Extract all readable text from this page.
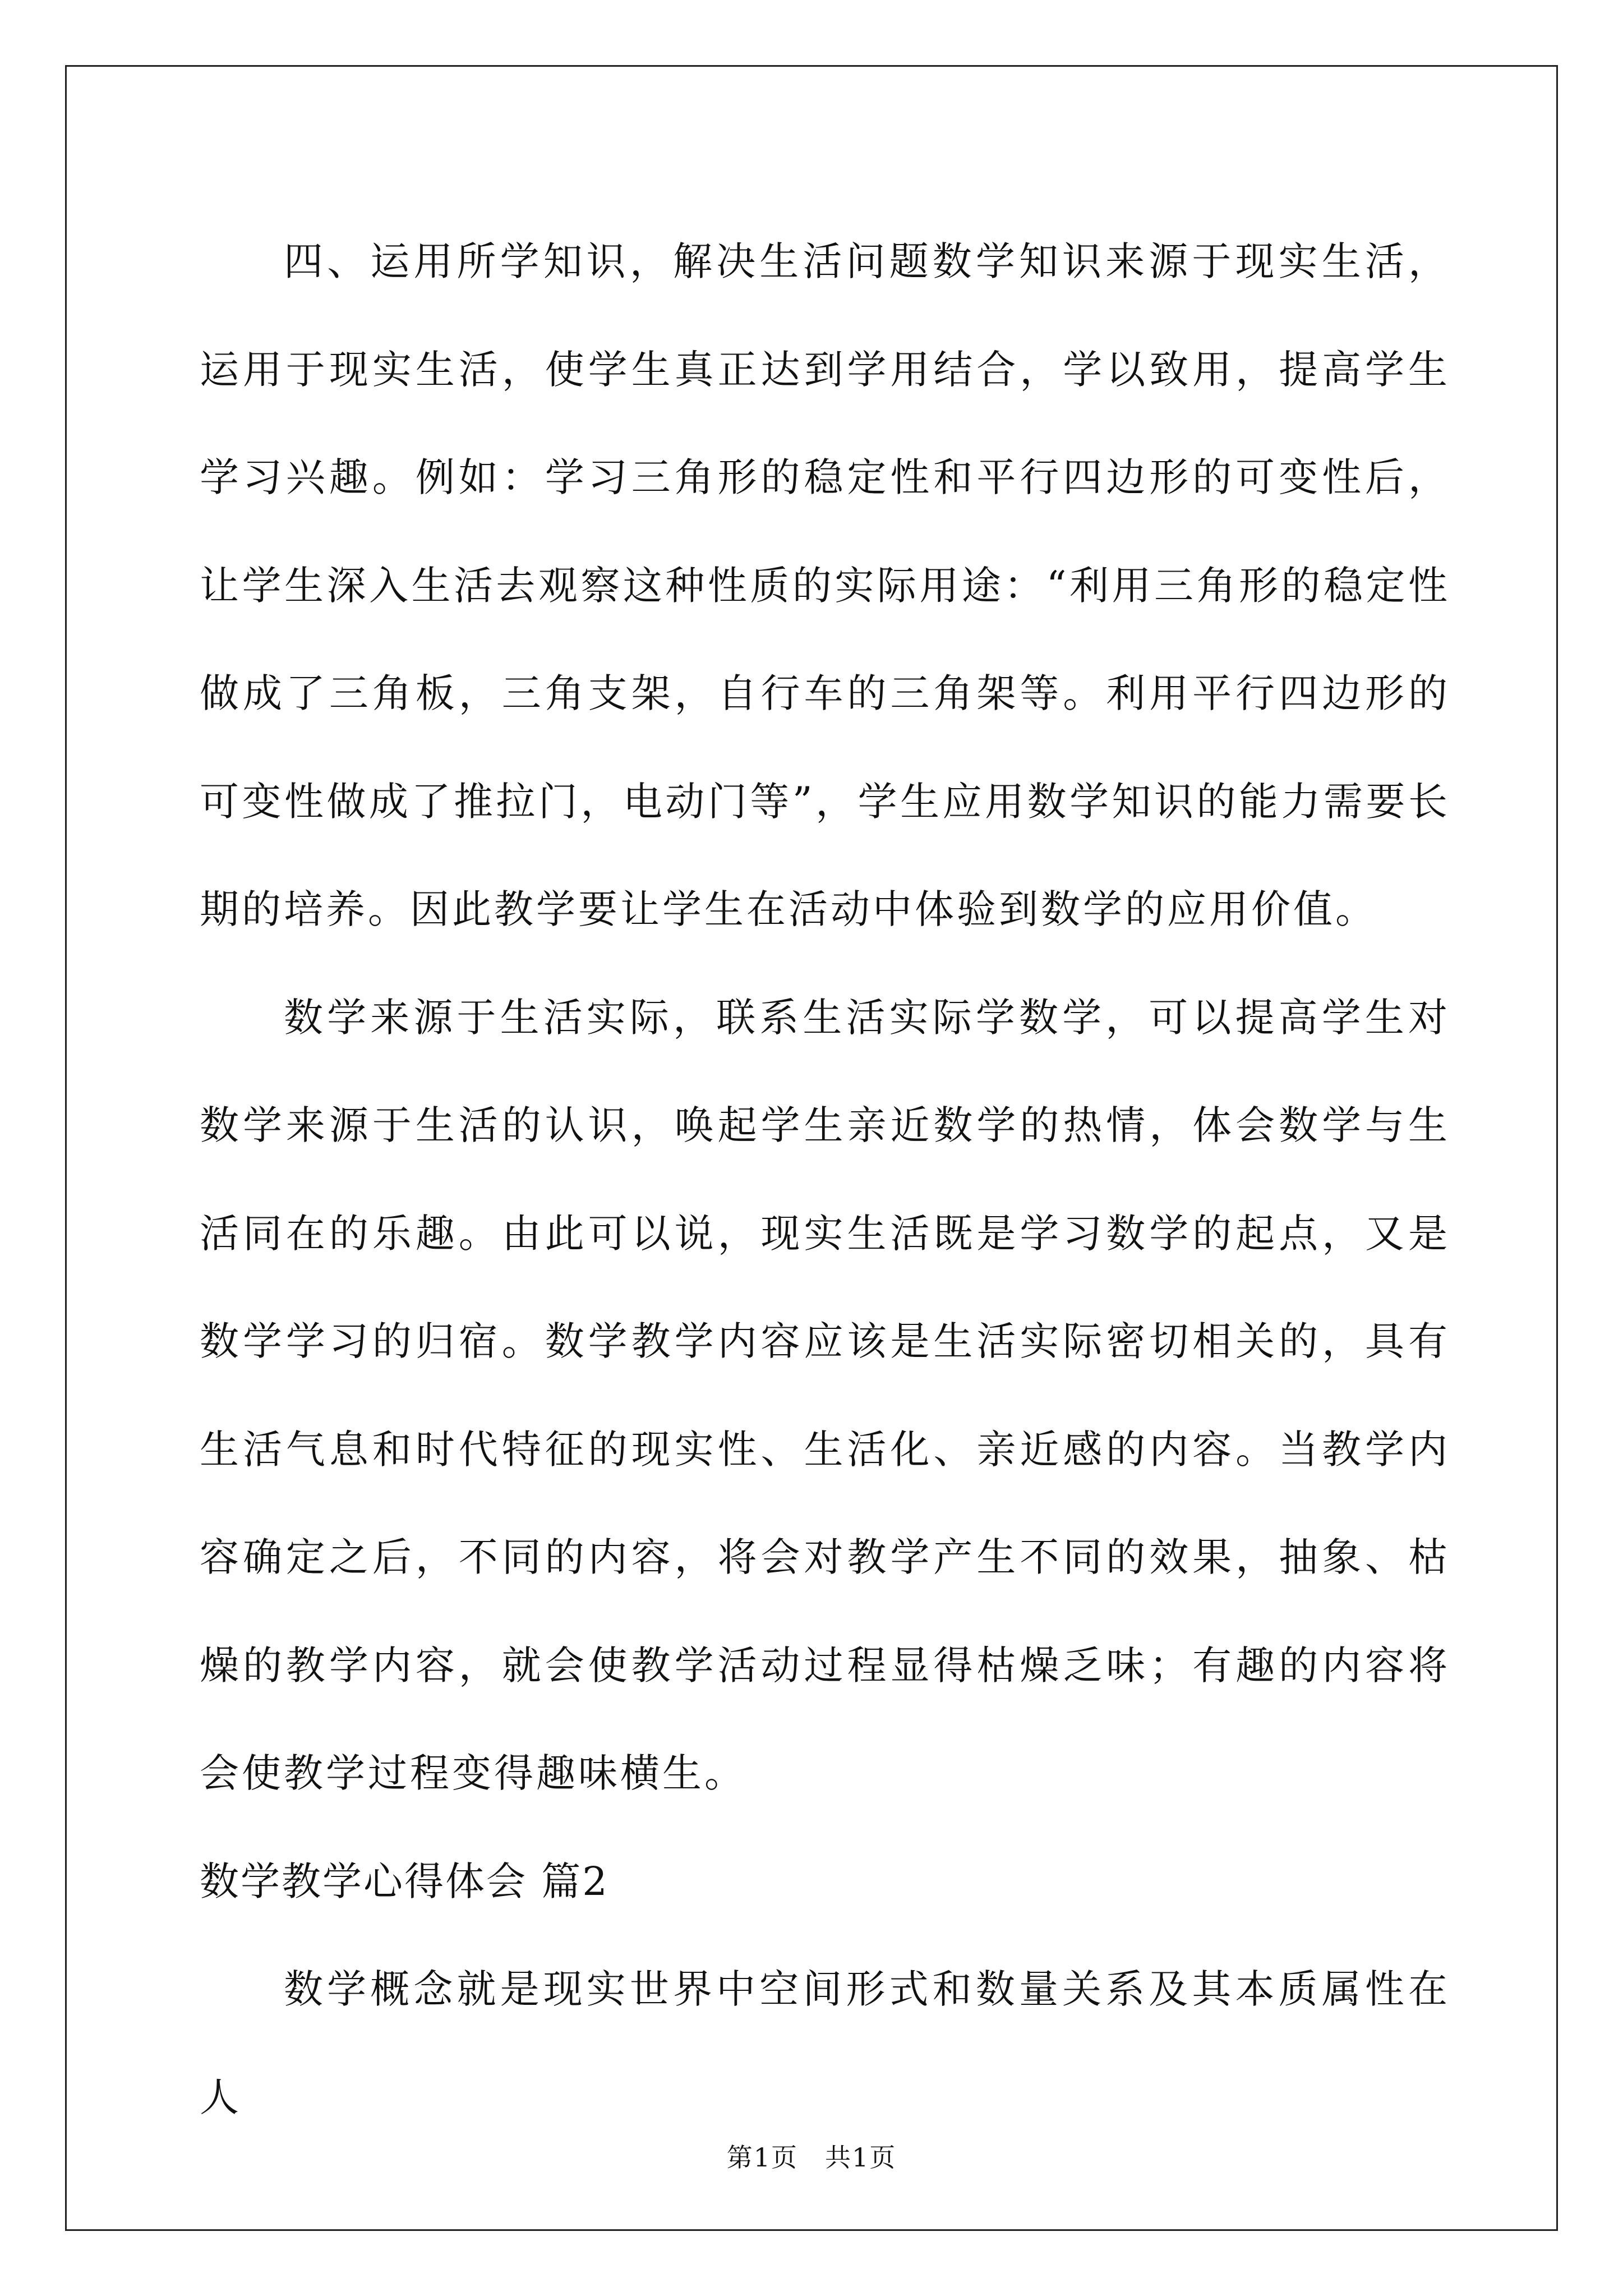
四、运用所学知识，解决生活问题数学知识来源于现实生活，运用于现实生活，使学生真正达到学用结合，学以致用，提高学生学习兴趣。例如：学习三角形的稳定性和平行四边形的可变性后，让学生深入生活去观察这种性质的实际用途：“利用三角形的稳定性做成了三角板，三角支架，自行车的三角架等。利用平行四边形的可变性做成了推拉门，电动门等”，学生应用数学知识的能力需要长期的培养。因此教学要让学生在活动中体验到数学的应用价值。

数学来源于生活实际，联系生活实际学数学，可以提高学生对数学来源于生活的认识，唤起学生亲近数学的热情，体会数学与生活同在的乐趣。由此可以说，现实生活既是学习数学的起点，又是数学学习的归宿。数学教学内容应该是生活实际密切相关的，具有生活气息和时代特征的现实性、生活化、亲近感的内容。当教学内容确定之后，不同的内容，将会对教学产生不同的效果，抽象、枯燥的教学内容，就会使教学活动过程显得枯燥乏味；有趣的内容将会使教学过程变得趣味横生。

数学教学心得体会 篇2

数学概念就是现实世界中空间形式和数量关系及其本质属性在人

第1页　共1页
